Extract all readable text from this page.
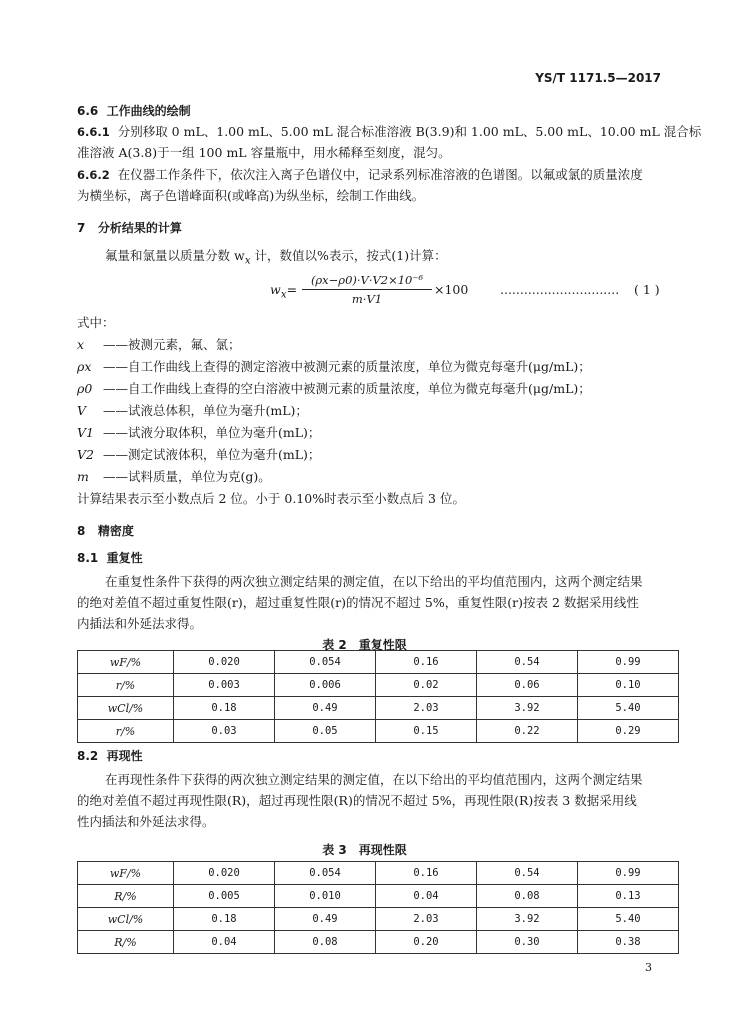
YS/T 1171.5—2017
6.6 工作曲线的绘制
6.6.1 分别移取 0 mL、1.00 mL、5.00 mL 混合标准溶液 B(3.9)和 1.00 mL、5.00 mL、10.00 mL 混合标
准溶液 A(3.8)于一组 100 mL 容量瓶中，用水稀释至刻度，混匀。
6.6.2 在仪器工作条件下，依次注入离子色谱仪中，记录系列标准溶液的色谱图。以氟或氯的质量浓度
为横坐标，离子色谱峰面积(或峰高)为纵坐标，绘制工作曲线。
7 分析结果的计算
氟量和氯量以质量分数 $w_x$ 计，数值以%表示，按式(1)计算：
$w_x= \frac{\text{(ρx−ρ0)·V·V2×10⁻⁶}}{m\cdot V1} \times 100$	.............................. ( 1 )
式中：
x ——被测元素，氟、氯；
ρx ——自工作曲线上查得的测定溶液中被测元素的质量浓度，单位为微克每毫升(μg/mL)；
ρ0 ——自工作曲线上查得的空白溶液中被测元素的质量浓度，单位为微克每毫升(μg/mL)；
V ——试液总体积，单位为毫升(mL)；
V1 ——试液分取体积，单位为毫升(mL)；
V2 ——测定试液体积，单位为毫升(mL)；
m ——试料质量，单位为克(g)。
计算结果表示至小数点后 2 位。小于 0.10%时表示至小数点后 3 位。
8 精密度
8.1 重复性
在重复性条件下获得的两次独立测定结果的测定值，在以下给出的平均值范围内，这两个测定结果
的绝对差值不超过重复性限(r)，超过重复性限(r)的情况不超过 5%，重复性限(r)按表 2 数据采用线性
内插法和外延法求得。
表 2　重复性限
wF/%	0.020	0.054	0.16	0.54	0.99
r/%	0.003	0.006	0.02	0.06	0.10
wCl/%	0.18	0.49	2.03	3.92	5.40
r/%	0.03	0.05	0.15	0.22	0.29
8.2 再现性
在再现性条件下获得的两次独立测定结果的测定值，在以下给出的平均值范围内，这两个测定结果
的绝对差值不超过再现性限(R)，超过再现性限(R)的情况不超过 5%，再现性限(R)按表 3 数据采用线
性内插法和外延法求得。
表 3　再现性限
wF/%	0.020	0.054	0.16	0.54	0.99
R/%	0.005	0.010	0.04	0.08	0.13
wCl/%	0.18	0.49	2.03	3.92	5.40
R/%	0.04	0.08	0.20	0.30	0.38
3
